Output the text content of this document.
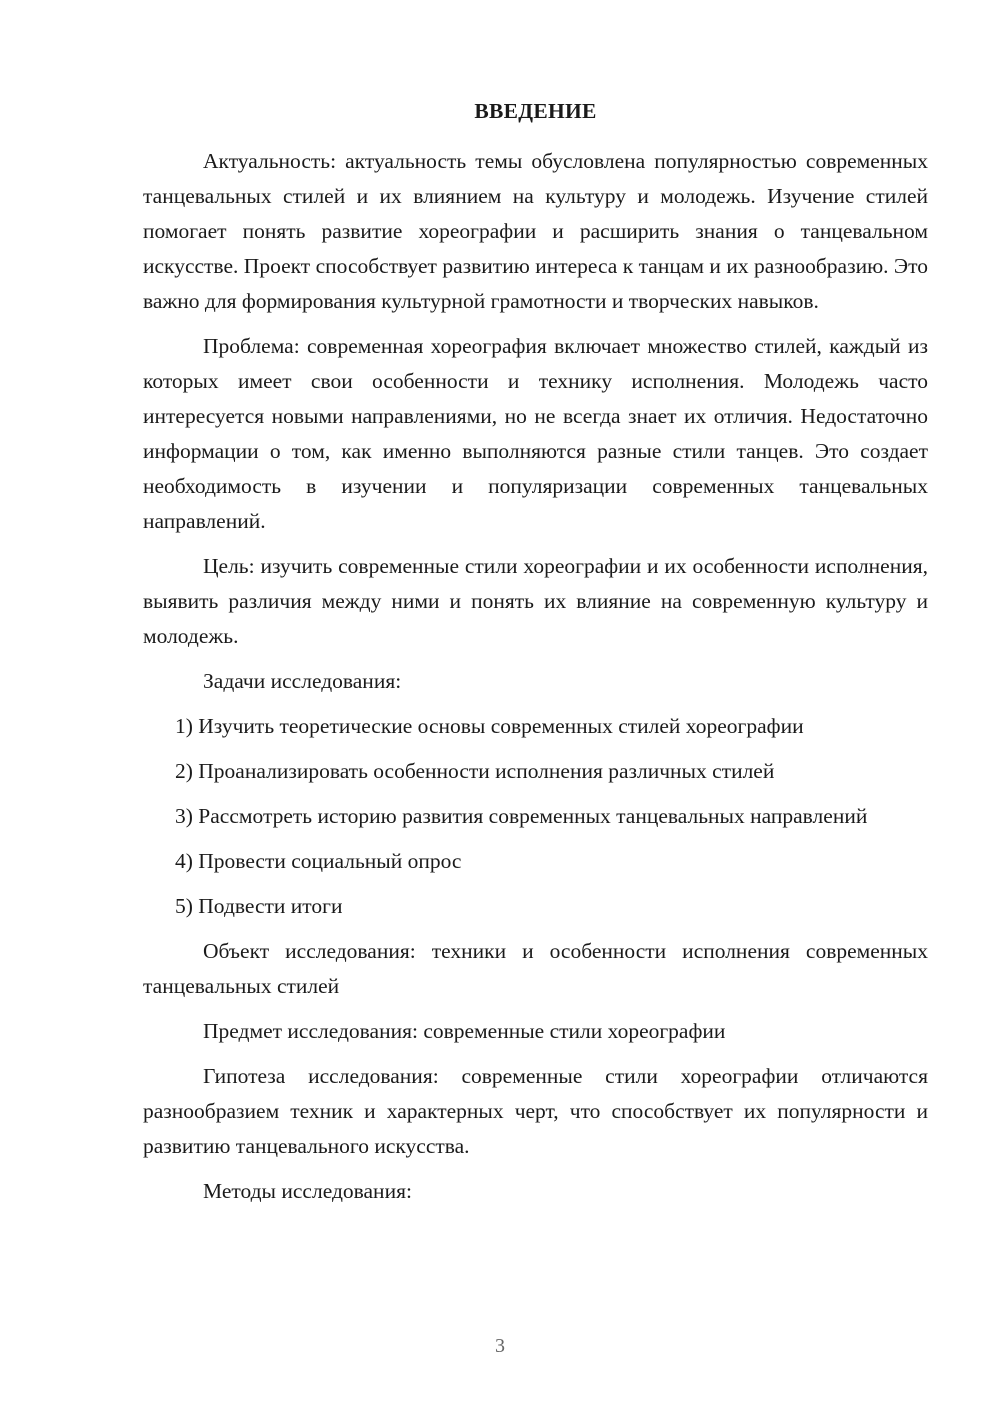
ВВЕДЕНИЕ

Актуальность: актуальность темы обусловлена популярностью современных танцевальных стилей и их влиянием на культуру и молодежь. Изучение стилей помогает понять развитие хореографии и расширить знания о танцевальном искусстве. Проект способствует развитию интереса к танцам и их разнообразию. Это важно для формирования культурной грамотности и творческих навыков.

Проблема: современная хореография включает множество стилей, каждый из которых имеет свои особенности и технику исполнения. Молодежь часто интересуется новыми направлениями, но не всегда знает их отличия. Недостаточно информации о том, как именно выполняются разные стили танцев. Это создает необходимость в изучении и популяризации современных танцевальных направлений.

Цель: изучить современные стили хореографии и их особенности исполнения, выявить различия между ними и понять их влияние на современную культуру и молодежь.

Задачи исследования:

1) Изучить теоретические основы современных стилей хореографии

2) Проанализировать особенности исполнения различных стилей

3) Рассмотреть историю развития современных танцевальных направлений

4) Провести социальный опрос

5) Подвести итоги

Объект исследования: техники и особенности исполнения современных танцевальных стилей

Предмет исследования: современные стили хореографии

Гипотеза исследования: современные стили хореографии отличаются разнообразием техник и характерных черт, что способствует их популярности и развитию танцевального искусства.

Методы исследования:

3
